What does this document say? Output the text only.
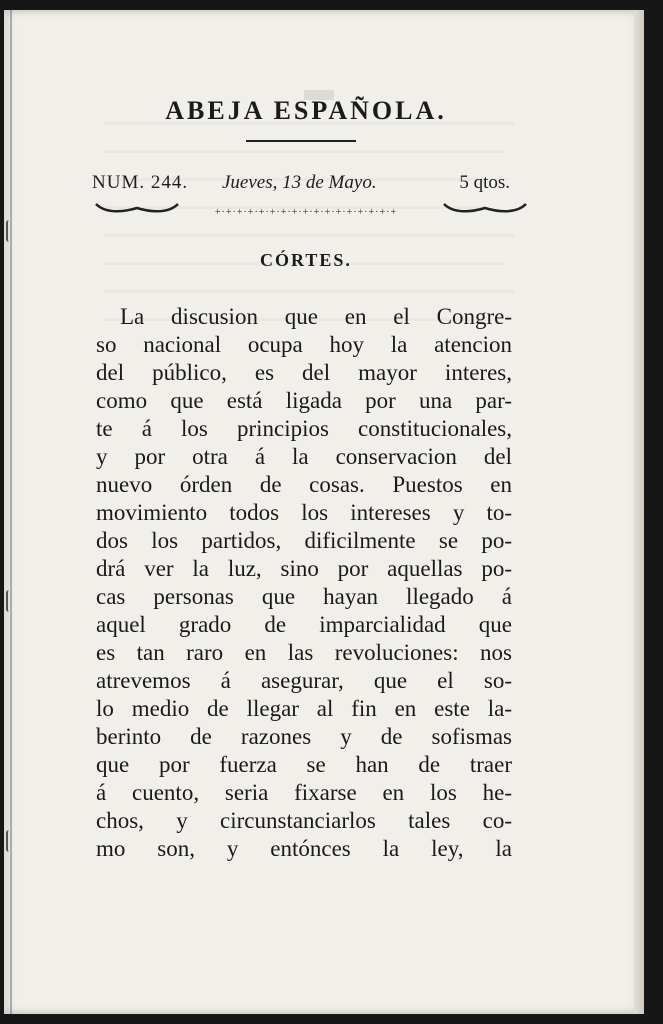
ABEJA ESPAÑOLA.
NUM. 244. Jueves, 13 de Mayo.	5 qtos.
+·+·+·+·+·+·+·+·+·+·+·+·+·+·+·+·+
CÓRTES.
La discusion que en el Congre-
so nacional ocupa hoy la atencion
del público, es del mayor interes,
como que está ligada por una par-
te á los principios constitucionales,
y por otra á la conservacion del
nuevo órden de cosas. Puestos en
movimiento todos los intereses y to-
dos los partidos, dificilmente se po-
drá ver la luz, sino por aquellas po-
cas personas que hayan llegado á
aquel grado de imparcialidad que
es tan raro en las revoluciones: nos
atrevemos á asegurar, que el so-
lo medio de llegar al fin en este la-
berinto de razones y de sofismas
que por fuerza se han de traer
á cuento, seria fixarse en los he-
chos, y circunstanciarlos tales co-
mo son, y entónces la ley, la
